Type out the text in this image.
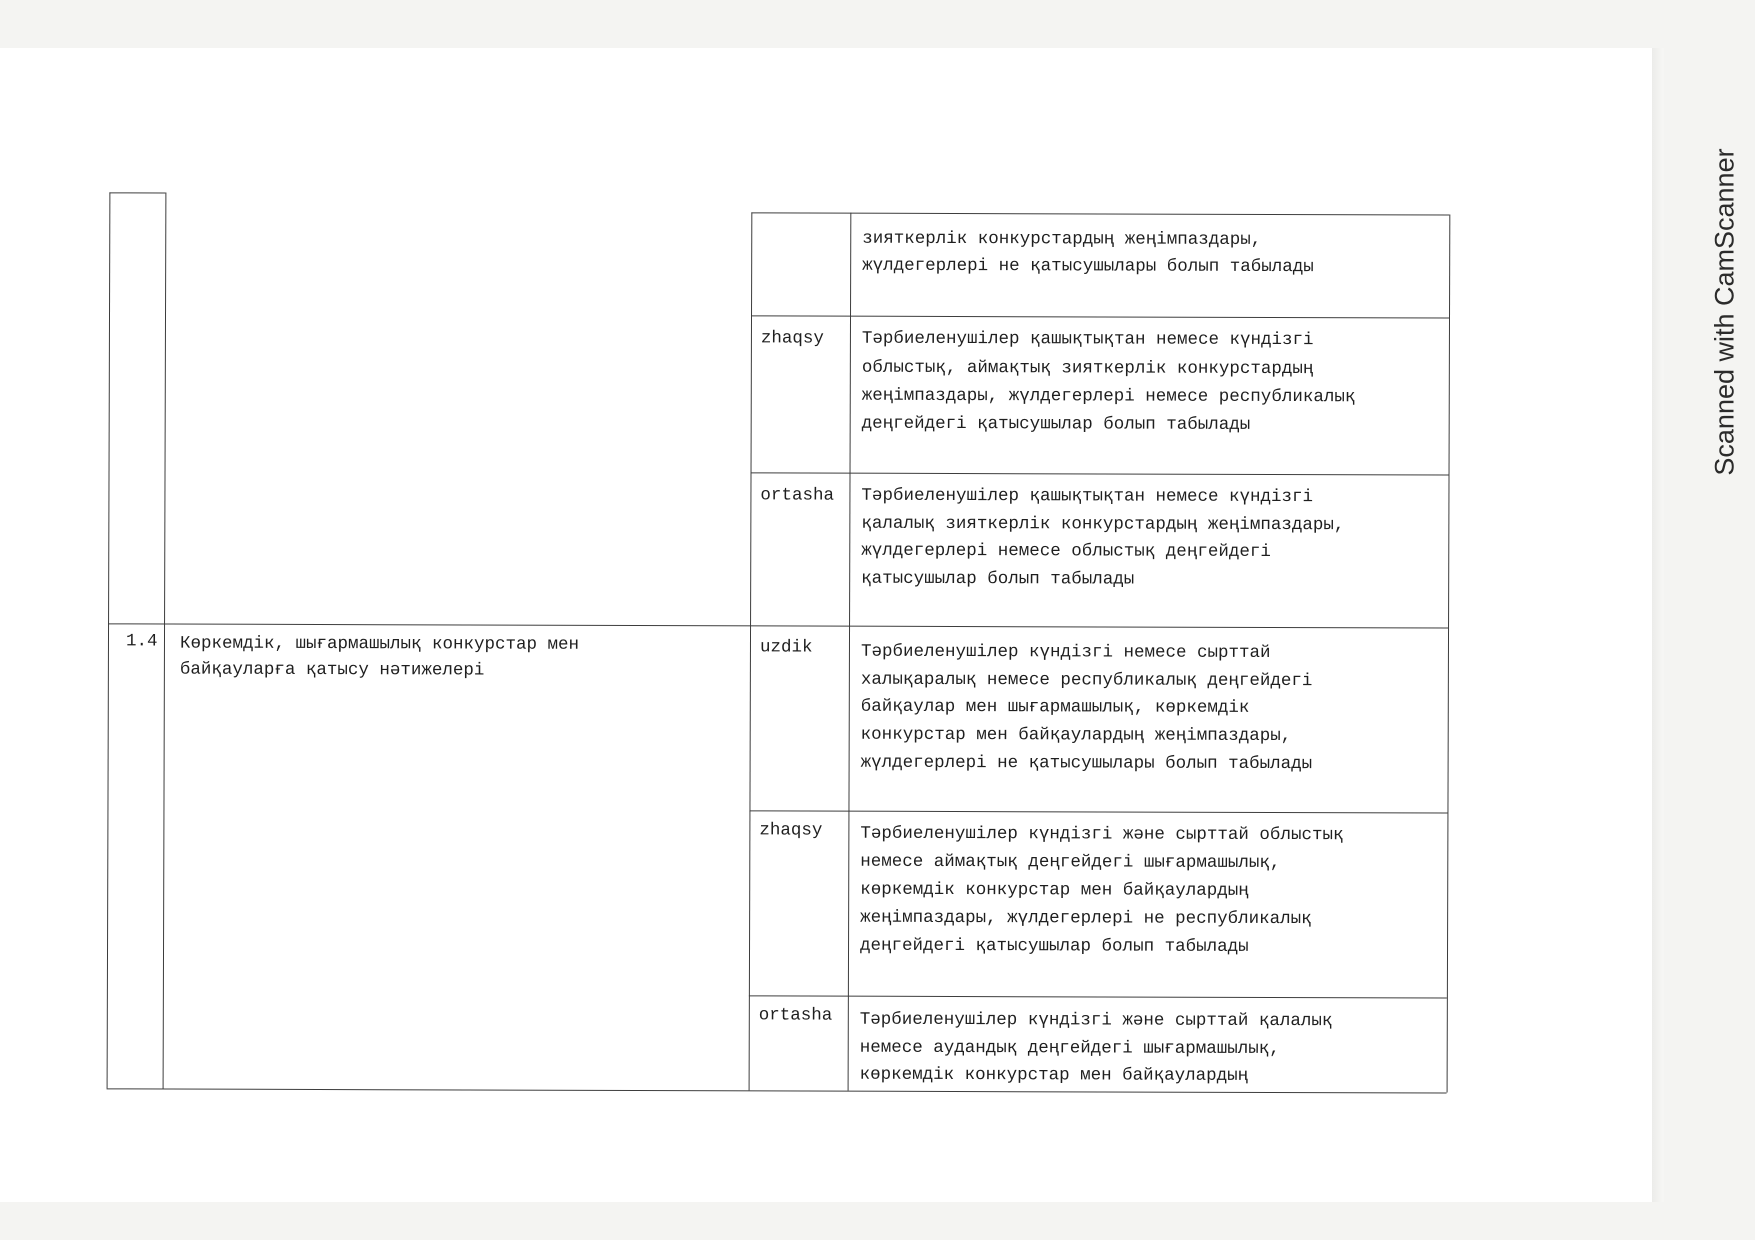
Scanned with CamScanner
зияткерлік конкурстардың жеңімпаздары,
жүлдегерлері не қатысушылары болып табылады
zhaqsy Тәрбиеленушілер қашықтықтан немесе күндізгі
облыстық, аймақтық зияткерлік конкурстардың
жеңімпаздары, жүлдегерлері немесе республикалық
деңгейдегі қатысушылар болып табылады
ortasha Тәрбиеленушілер қашықтықтан немесе күндізгі
қалалық зияткерлік конкурстардың жеңімпаздары,
жүлдегерлері немесе облыстық деңгейдегі
қатысушылар болып табылады
1.4 Көркемдік, шығармашылық конкурстар мен
байқауларға қатысу нәтижелері
uzdik	Тәрбиеленушілер күндізгі немесе сырттай
халықаралық немесе республикалық деңгейдегі
байқаулар мен шығармашылық, көркемдік
конкурстар мен байқаулардың жеңімпаздары,
жүлдегерлері не қатысушылары болып табылады
zhaqsy Тәрбиеленушілер күндізгі және сырттай облыстық
немесе аймақтық деңгейдегі шығармашылық,
көркемдік конкурстар мен байқаулардың
жеңімпаздары, жүлдегерлері не республикалық
деңгейдегі қатысушылар болып табылады
ortasha Тәрбиеленушілер күндізгі және сырттай қалалық
немесе аудандық деңгейдегі шығармашылық,
көркемдік конкурстар мен байқаулардың
